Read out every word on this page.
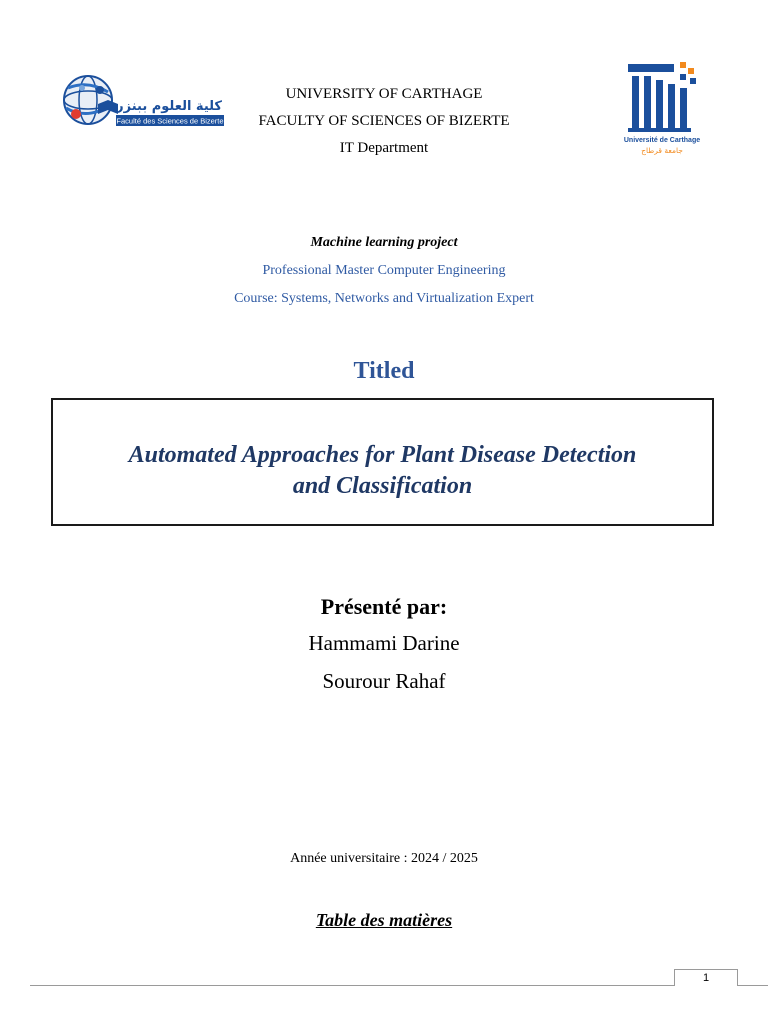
كلية العلوم ببنزرت
Faculté des Sciences de Bizerte
Université de Carthage
جامعة قرطاج
UNIVERSITY OF CARTHAGE
FACULTY OF SCIENCES OF BIZERTE
IT Department
Machine learning project
Professional Master Computer Engineering
Course: Systems, Networks and Virtualization Expert
Titled
Automated Approaches for Plant Disease Detection
and Classification
Présenté par:
Hammami Darine
Sourour Rahaf
Année universitaire : 2024 / 2025
Table des matières
1
